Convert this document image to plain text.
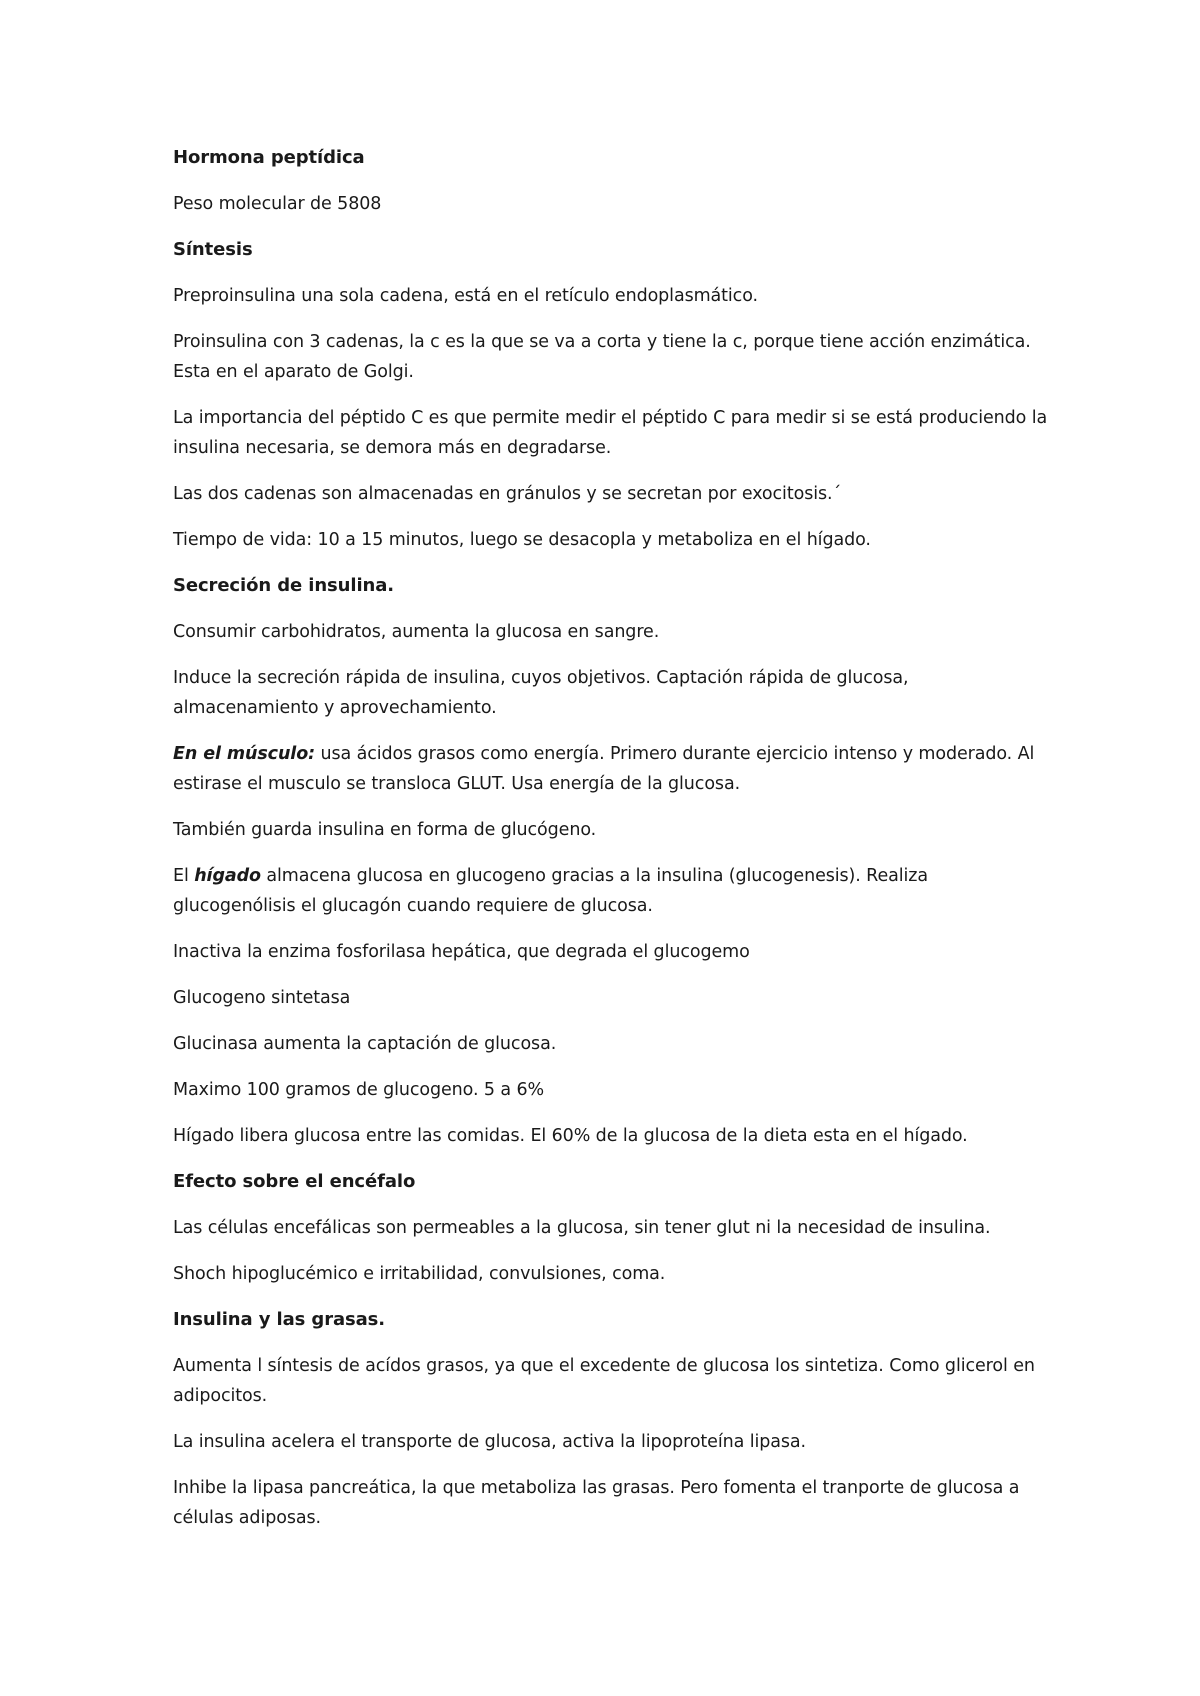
Hormona peptídica

Peso molecular de 5808

Síntesis

Preproinsulina una sola cadena, está en el retículo endoplasmático.

Proinsulina con 3 cadenas, la c es la que se va a corta y tiene la c, porque tiene acción enzimática. Esta en el aparato de Golgi.

La importancia del péptido C es que permite medir el péptido C para medir si se está produciendo la insulina necesaria, se demora más en degradarse.

Las dos cadenas son almacenadas en gránulos y se secretan por exocitosis.´

Tiempo de vida: 10 a 15 minutos, luego se desacopla y metaboliza en el hígado.

Secreción de insulina.

Consumir carbohidratos, aumenta la glucosa en sangre.

Induce la secreción rápida de insulina, cuyos objetivos. Captación rápida de glucosa, almacenamiento y aprovechamiento.

En el músculo: usa ácidos grasos como energía. Primero durante ejercicio intenso y moderado. Al estirase el musculo se transloca GLUT. Usa energía de la glucosa.

También guarda insulina en forma de glucógeno.

El hígado almacena glucosa en glucogeno gracias a la insulina (glucogenesis). Realiza glucogenólisis el glucagón cuando requiere de glucosa.

Inactiva la enzima fosforilasa hepática, que degrada el glucogemo

Glucogeno sintetasa

Glucinasa aumenta la captación de glucosa.

Maximo 100 gramos de glucogeno. 5 a 6%

Hígado libera glucosa entre las comidas. El 60% de la glucosa de la dieta esta en el hígado.

Efecto sobre el encéfalo

Las células encefálicas son permeables a la glucosa, sin tener glut ni la necesidad de insulina.

Shoch hipoglucémico e irritabilidad, convulsiones, coma.

Insulina y las grasas.

Aumenta l síntesis de acídos grasos, ya que el excedente de glucosa los sintetiza. Como glicerol en adipocitos.

La insulina acelera el transporte de glucosa, activa la lipoproteína lipasa.

Inhibe la lipasa pancreática, la que metaboliza las grasas. Pero fomenta el tranporte de glucosa a células adiposas.
